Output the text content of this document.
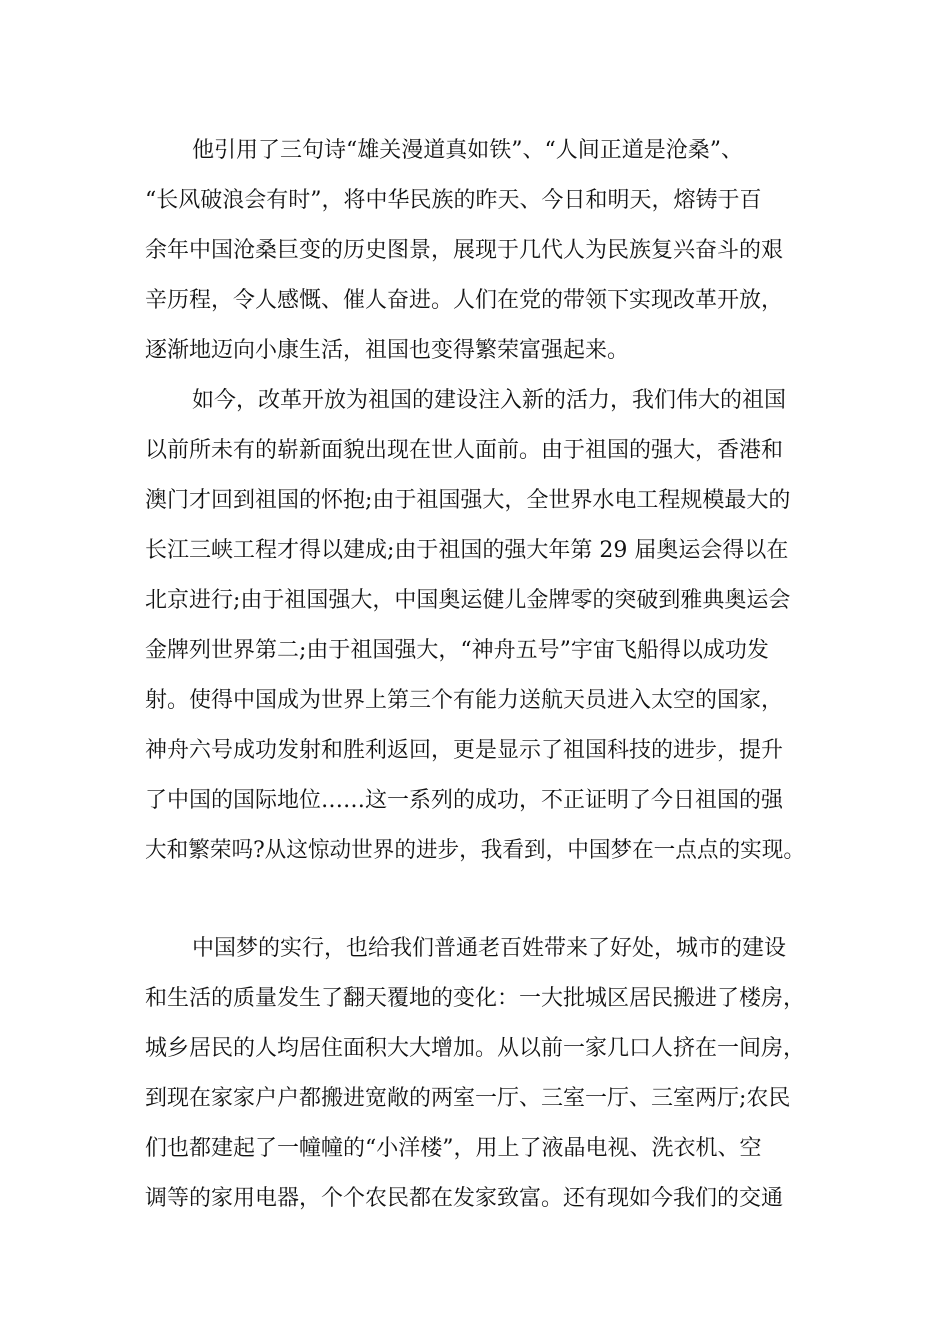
他引用了三句诗“雄关漫道真如铁”、“人间正道是沧桑”、
“长风破浪会有时”，将中华民族的昨天、今日和明天，熔铸于百
余年中国沧桑巨变的历史图景，展现于几代人为民族复兴奋斗的艰
辛历程，令人感慨、催人奋进。人们在党的带领下实现改革开放，
逐渐地迈向小康生活，祖国也变得繁荣富强起来。
如今，改革开放为祖国的建设注入新的活力，我们伟大的祖国
以前所未有的崭新面貌出现在世人面前。由于祖国的强大，香港和
澳门才回到祖国的怀抱;由于祖国强大，全世界水电工程规模最大的
长江三峡工程才得以建成;由于祖国的强大年第 29 届奥运会得以在
北京进行;由于祖国强大，中国奥运健儿金牌零的突破到雅典奥运会
金牌列世界第二;由于祖国强大，“神舟五号”宇宙飞船得以成功发
射。使得中国成为世界上第三个有能力送航天员进入太空的国家，
神舟六号成功发射和胜利返回，更是显示了祖国科技的进步，提升
了中国的国际地位……这一系列的成功，不正证明了今日祖国的强
大和繁荣吗?从这惊动世界的进步，我看到，中国梦在一点点的实现。
中国梦的实行，也给我们普通老百姓带来了好处，城市的建设
和生活的质量发生了翻天覆地的变化：一大批城区居民搬进了楼房，
城乡居民的人均居住面积大大增加。从以前一家几口人挤在一间房，
到现在家家户户都搬进宽敞的两室一厅、三室一厅、三室两厅;农民
们也都建起了一幢幢的“小洋楼”，用上了液晶电视、洗衣机、空
调等的家用电器，个个农民都在发家致富。还有现如今我们的交通
